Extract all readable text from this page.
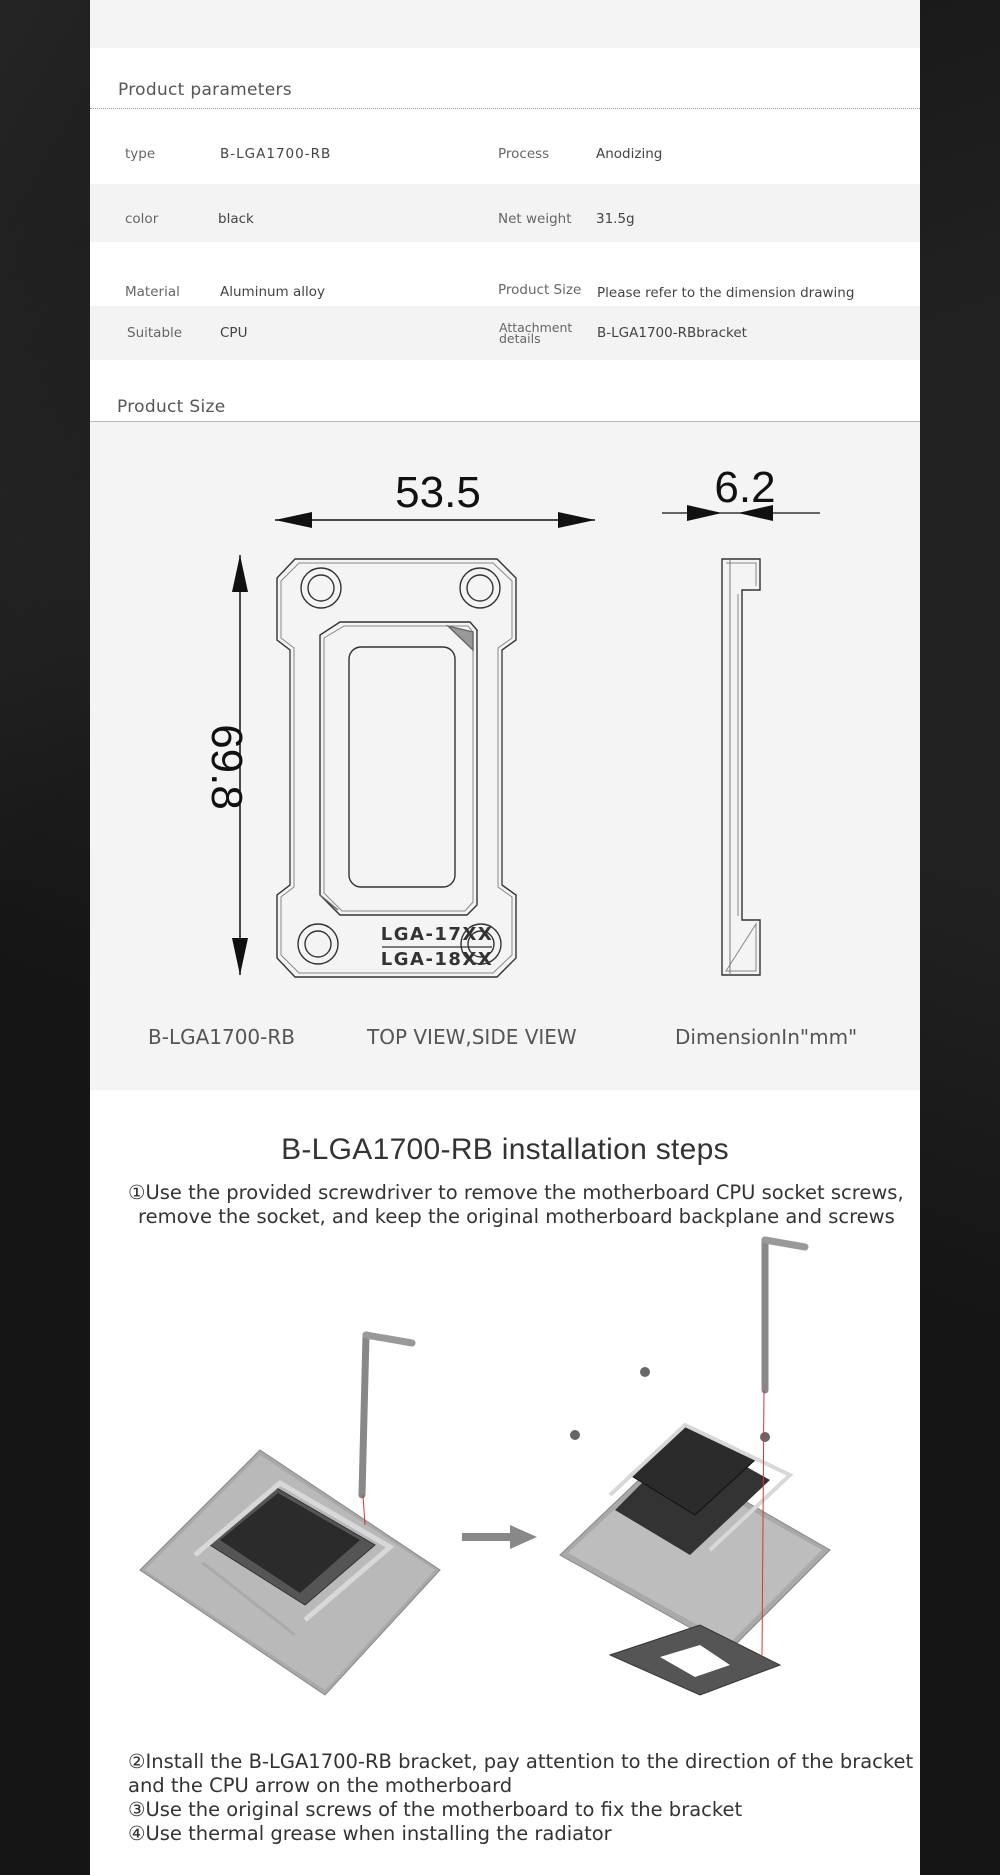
Product parameters
type	B-LGA1700-RB	Process	Anodizing
color	black	Net weight 31.5g
Material	Aluminum alloy	Product Size Please refer to the dimension drawing
Suitable	CPU	Attachment details	B-LGA1700-RBbracket
Product Size
53.5	6.2
69.8
LGA-17XX
LGA-18XX
B-LGA1700-RB	TOP VIEW,SIDE VIEW	DimensionIn"mm"
B-LGA1700-RB installation steps
①Use the provided screwdriver to remove the motherboard CPU socket screws,
remove the socket, and keep the original motherboard backplane and screws
②Install the B-LGA1700-RB bracket, pay attention to the direction of the bracket
and the CPU arrow on the motherboard
③Use the original screws of the motherboard to fix the bracket
④Use thermal grease when installing the radiator
